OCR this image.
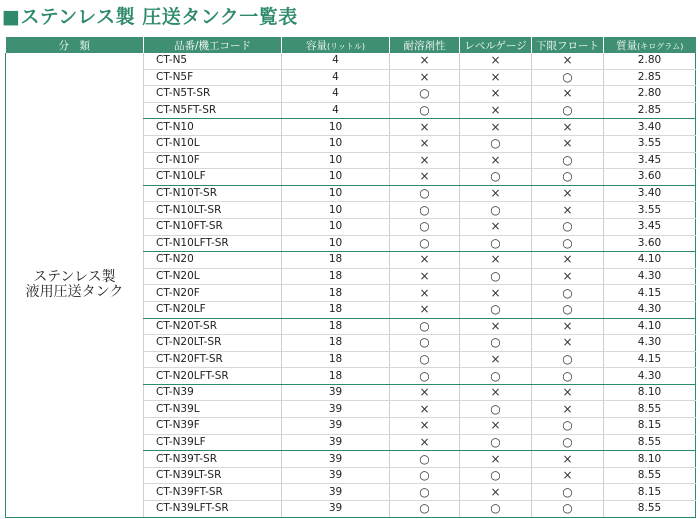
■ステンレス製 圧送タンク一覧表
分　類	品番/機工コード	容量(リットル)	耐溶剤性	レベルゲージ	下限フロート	質量(キログラム)

ステンレス製
液用圧送タンク	CT-N5	4	×	×	×	2.80
	CT-N5F	4	×	×	○	2.85
	CT-N5T-SR	4	○	×	×	2.80
	CT-N5FT-SR	4	○	×	○	2.85
	CT-N10	10	×	×	×	3.40
	CT-N10L	10	×	○	×	3.55
	CT-N10F	10	×	×	○	3.45
	CT-N10LF	10	×	○	○	3.60
	CT-N10T-SR	10	○	×	×	3.40
	CT-N10LT-SR	10	○	○	×	3.55
	CT-N10FT-SR	10	○	×	○	3.45
	CT-N10LFT-SR	10	○	○	○	3.60
	CT-N20	18	×	×	×	4.10
	CT-N20L	18	×	○	×	4.30
	CT-N20F	18	×	×	○	4.15
	CT-N20LF	18	×	○	○	4.30
	CT-N20T-SR	18	○	×	×	4.10
	CT-N20LT-SR	18	○	○	×	4.30
	CT-N20FT-SR	18	○	×	○	4.15
	CT-N20LFT-SR	18	○	○	○	4.30
	CT-N39	39	×	×	×	8.10
	CT-N39L	39	×	○	×	8.55
	CT-N39F	39	×	×	○	8.15
	CT-N39LF	39	×	○	○	8.55
	CT-N39T-SR	39	○	×	×	8.10
	CT-N39LT-SR	39	○	○	×	8.55
	CT-N39FT-SR	39	○	×	○	8.15
	CT-N39LFT-SR	39	○	○	○	8.55
